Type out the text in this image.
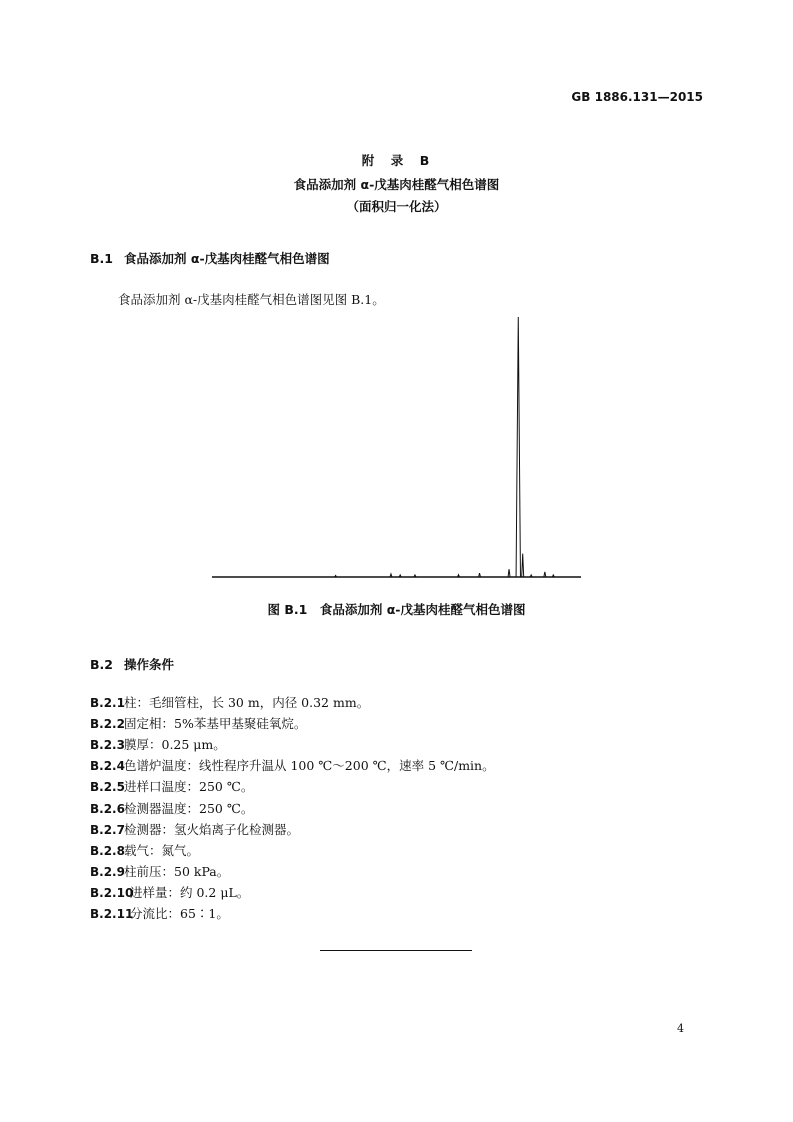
GB 1886.131—2015
附　录　B
食品添加剂 α-戊基肉桂醛气相色谱图
（面积归一化法）
B.1 食品添加剂 α-戊基肉桂醛气相色谱图
食品添加剂 α-戊基肉桂醛气相色谱图见图 B.1。
图 B.1　食品添加剂 α-戊基肉桂醛气相色谱图
B.2 操作条件
B.2.1柱：毛细管柱，长 30 m，内径 0.32 mm。
B.2.2固定相：5%苯基甲基聚硅氧烷。
B.2.3膜厚：0.25 μm。
B.2.4色谱炉温度：线性程序升温从 100 ℃～200 ℃，速率 5 ℃/min。
B.2.5进样口温度：250 ℃。
B.2.6检测器温度：250 ℃。
B.2.7检测器：氢火焰离子化检测器。
B.2.8载气：氮气。
B.2.9柱前压：50 kPa。
B.2.10进样量：约 0.2 μL。
B.2.11分流比：65∶1。
4
